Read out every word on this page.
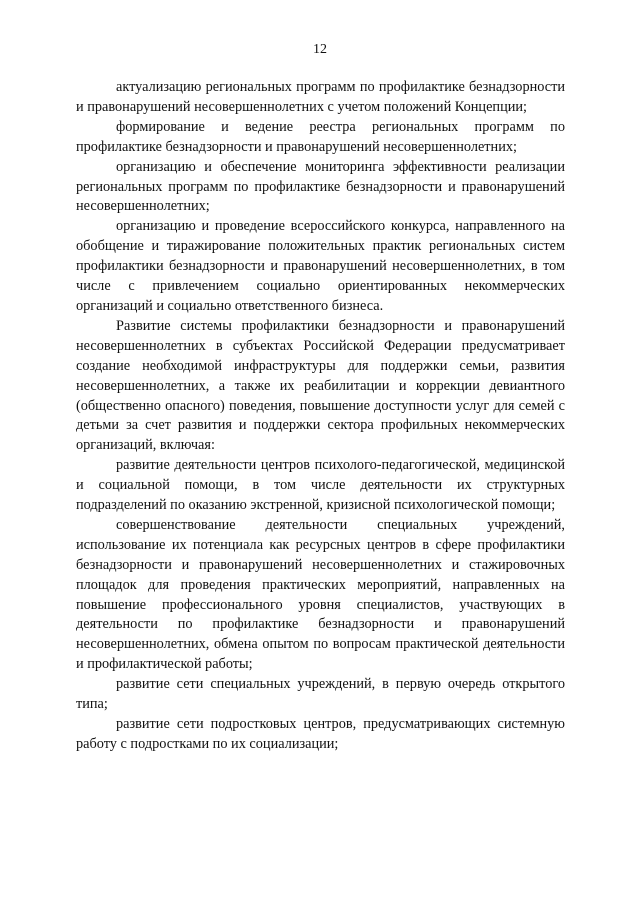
12

актуализацию региональных программ по профилактике безнадзорности и правонарушений несовершеннолетних с учетом положений Концепции;

формирование и ведение реестра региональных программ по профилактике безнадзорности и правонарушений несовершеннолетних;

организацию и обеспечение мониторинга эффективности реализации региональных программ по профилактике безнадзорности и правонарушений несовершеннолетних;

организацию и проведение всероссийского конкурса, направленного на обобщение и тиражирование положительных практик региональных систем профилактики безнадзорности и правонарушений несовершеннолетних, в том числе с привлечением социально ориентированных некоммерческих организаций и социально ответственного бизнеса.

Развитие системы профилактики безнадзорности и правонарушений несовершеннолетних в субъектах Российской Федерации предусматривает создание необходимой инфраструктуры для поддержки семьи, развития несовершеннолетних, а также их реабилитации и коррекции девиантного (общественно опасного) поведения, повышение доступности услуг для семей с детьми за счет развития и поддержки сектора профильных некоммерческих организаций, включая:

развитие деятельности центров психолого-педагогической, медицинской и социальной помощи, в том числе деятельности их структурных подразделений по оказанию экстренной, кризисной психологической помощи;

совершенствование деятельности специальных учреждений, использование их потенциала как ресурсных центров в сфере профилактики безнадзорности и правонарушений несовершеннолетних и стажировочных площадок для проведения практических мероприятий, направленных на повышение профессионального уровня специалистов, участвующих в деятельности по профилактике безнадзорности и правонарушений несовершеннолетних, обмена опытом по вопросам практической деятельности и профилактической работы;

развитие сети специальных учреждений, в первую очередь открытого типа;

развитие сети подростковых центров, предусматривающих системную работу с подростками по их социализации;
